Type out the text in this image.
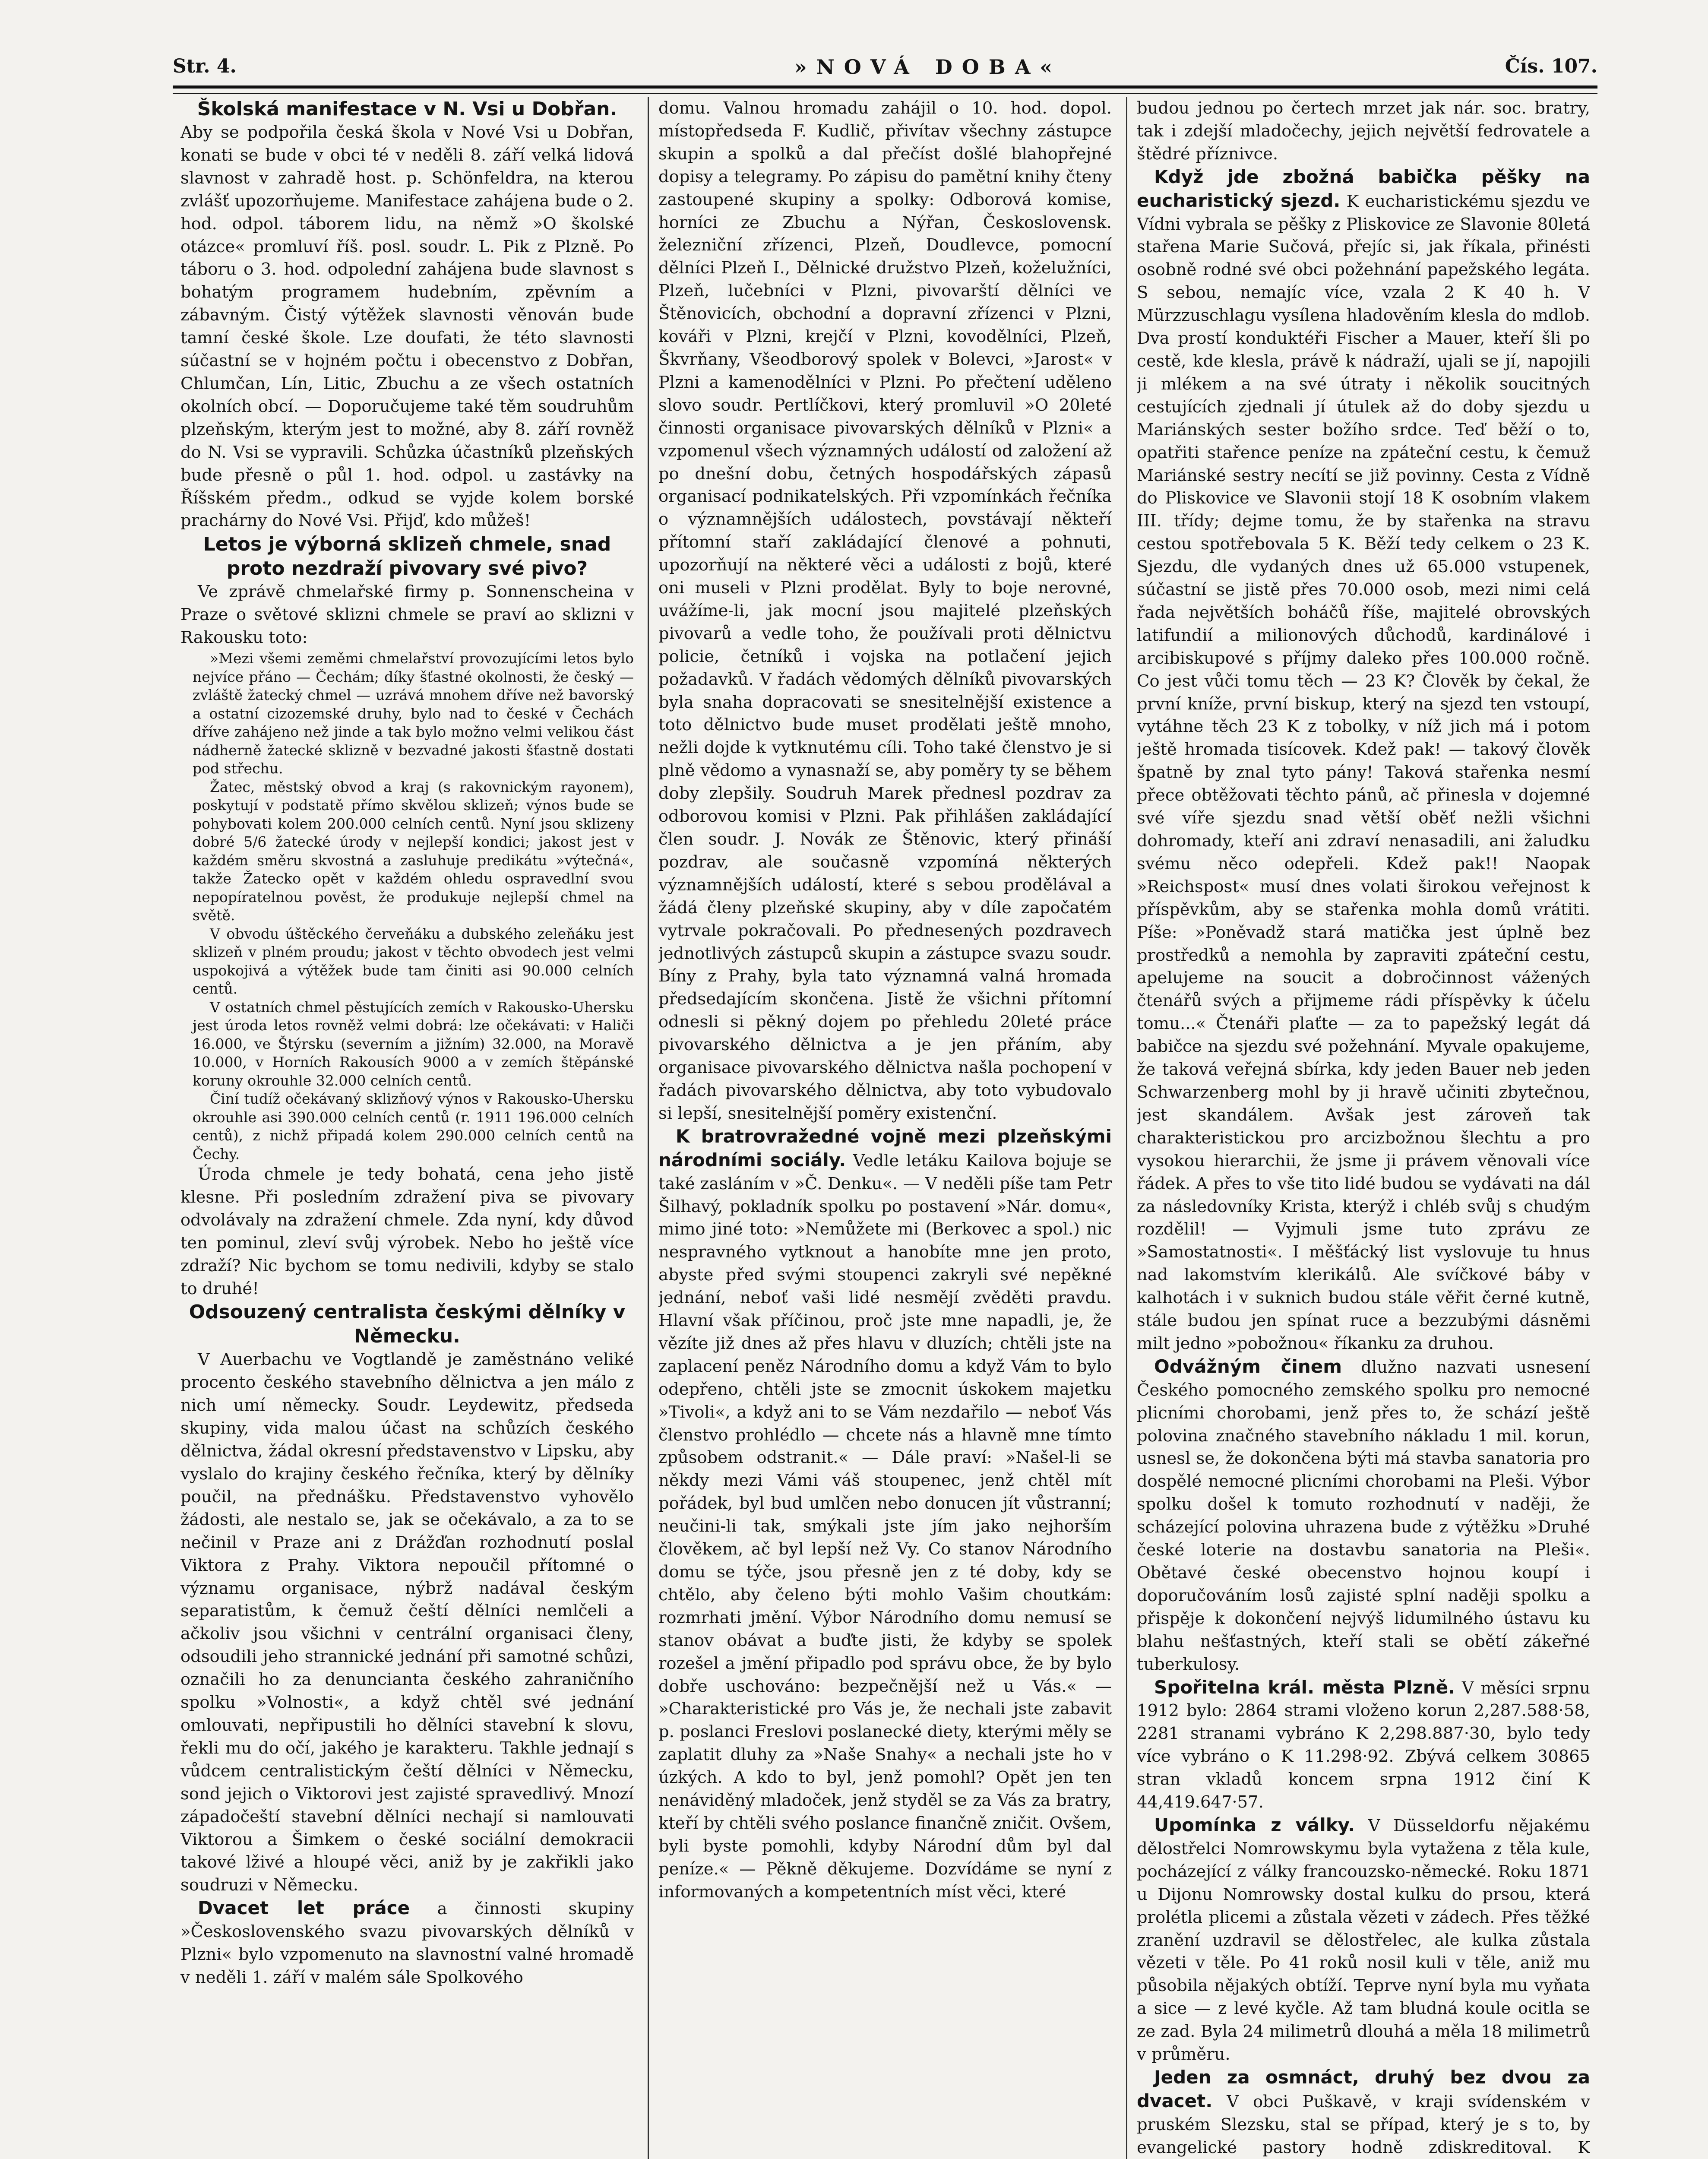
Str. 4.	»NOVÁ DOBA«	Čís. 107.
Školská manifestace v N. Vsi u Dobřan.

Aby se podpořila česká škola v Nové Vsi u Dobřan, konati se bude v obci té v neděli 8. září velká lidová slavnost v zahradě host. p. Schönfeldra, na kterou zvlášť upozorňujeme. Manifestace zahájena bude o 2. hod. odpol. táborem lidu, na němž »O školské otázce« promluví říš. posl. soudr. L. Pik z Plzně. Po táboru o 3. hod. odpolední zahájena bude slavnost s bohatým programem hudebním, zpěvním a zábavným. Čistý výtěžek slavnosti věnován bude tamní české škole. Lze doufati, že této slavnosti súčastní se v hojném počtu i obecenstvo z Dobřan, Chlumčan, Lín, Litic, Zbuchu a ze všech ostatních okolních obcí. — Doporučujeme také těm soudruhům plzeňským, kterým jest to možné, aby 8. září rovněž do N. Vsi se vypravili. Schůzka účastníků plzeňských bude přesně o půl 1. hod. odpol. u zastávky na Říšském předm., odkud se vyjde kolem borské prachárny do Nové Vsi. Přijď, kdo můžeš!

Letos je výborná sklizeň chmele, snad proto nezdraží pivovary své pivo?

Ve zprávě chmelařské firmy p. Sonnenscheina v Praze o světové sklizni chmele se praví ao sklizni v Rakousku toto:

»Mezi všemi zeměmi chmelařství provozujícími letos bylo nejvíce přáno — Čechám; díky šťastné okolnosti, že český — zvláště žatecký chmel — uzrává mnohem dříve než bavorský a ostatní cizozemské druhy, bylo nad to české v Čechách dříve zahájeno než jinde a tak bylo možno velmi velikou část nádherně žatecké sklizně v bezvadné jakosti šťastně dostati pod střechu.

Žatec, městský obvod a kraj (s rakovnickým rayonem), poskytují v podstatě přímo skvělou sklizeň; výnos bude se pohybovati kolem 200.000 celních centů. Nyní jsou sklizeny dobré 5/6 žatecké úrody v nejlepší kondici; jakost jest v každém směru skvostná a zasluhuje predikátu »výtečná«, takže Žatecko opět v každém ohledu ospravedlní svou nepopíratelnou pověst, že produkuje nejlepší chmel na světě.

V obvodu úštěckého červeňáku a dubského zeleňáku jest sklizeň v plném proudu; jakost v těchto obvodech jest velmi uspokojivá a výtěžek bude tam činiti asi 90.000 celních centů.

V ostatních chmel pěstujících zemích v Rakousko-Uhersku jest úroda letos rovněž velmi dobrá: lze očekávati: v Haliči 16.000, ve Štýrsku (severním a jižním) 32.000, na Moravě 10.000, v Horních Rakousích 9000 a v zemích štěpánské koruny okrouhle 32.000 celních centů.

Činí tudíž očekávaný sklizňový výnos v Rakousko-Uhersku okrouhle asi 390.000 celních centů (r. 1911 196.000 celních centů), z nichž připadá kolem 290.000 celních centů na Čechy.

Úroda chmele je tedy bohatá, cena jeho jistě klesne. Při posledním zdražení piva se pivovary odvolávaly na zdražení chmele. Zda nyní, kdy důvod ten pominul, zleví svůj výrobek. Nebo ho ještě více zdraží? Nic bychom se tomu nedivili, kdyby se stalo to druhé!

Odsouzený centralista českými dělníky v Německu.

V Auerbachu ve Vogtlandě je zaměstnáno veliké procento českého stavebního dělnictva a jen málo z nich umí německy. Soudr. Leydewitz, předseda skupiny, vida malou účast na schůzích českého dělnictva, žádal okresní představenstvo v Lipsku, aby vyslalo do krajiny českého řečníka, který by dělníky poučil, na přednášku. Představenstvo vyhovělo žádosti, ale nestalo se, jak se očekávalo, a za to se nečinil v Praze ani z Drážďan rozhodnutí poslal Viktora z Prahy. Viktora nepoučil přítomné o významu organisace, nýbrž nadával českým separatistům, k čemuž čeští dělníci nemlčeli a ačkoliv jsou všichni v centrální organisaci členy, odsoudili jeho strannické jednání při samotné schůzi, označili ho za denuncianta českého zahraničního spolku »Volnosti«, a když chtěl své jednání omlouvati, nepřipustili ho dělníci stavební k slovu, řekli mu do očí, jakého je karakteru. Takhle jednají s vůdcem centralistickým čeští dělníci v Německu, sond jejich o Viktorovi jest zajisté spravedlivý. Mnozí západočeští stavební dělníci nechají si namlouvati Viktorou a Šimkem o české sociální demokracii takové lživé a hloupé věci, aniž by je zakřikli jako soudruzi v Německu.

Dvacet let práce a činnosti skupiny »Československého svazu pivovarských dělníků v Plzni« bylo vzpomenuto na slavnostní valné hromadě v neděli 1. září v malém sále Spolkového

domu. Valnou hromadu zahájil o 10. hod. dopol. místopředseda F. Kudlič, přivítav všechny zástupce skupin a spolků a dal přečíst došlé blahopřejné dopisy a telegramy. Po zápisu do pamětní knihy čteny zastoupené skupiny a spolky: Odborová komise, horníci ze Zbuchu a Nýřan, Československ. železniční zřízenci, Plzeň, Doudlevce, pomocní dělníci Plzeň I., Dělnické družstvo Plzeň, koželužníci, Plzeň, lučebníci v Plzni, pivovarští dělníci ve Štěnovicích, obchodní a dopravní zřízenci v Plzni, kováři v Plzni, krejčí v Plzni, kovodělníci, Plzeň, Škvrňany, Všeodborový spolek v Bolevci, »Jarost« v Plzni a kamenodělníci v Plzni. Po přečtení uděleno slovo soudr. Pertlíčkovi, který promluvil »O 20leté činnosti organisace pivovarských dělníků v Plzni« a vzpomenul všech významných událostí od založení až po dnešní dobu, četných hospodářských zápasů organisací podnikatelských. Při vzpomínkách řečníka o významnějších událostech, povstávají někteří přítomní staří zakládající členové a pohnuti, upozorňují na některé věci a události z bojů, které oni museli v Plzni prodělat. Byly to boje nerovné, uvážíme-li, jak mocní jsou majitelé plzeňských pivovarů a vedle toho, že používali proti dělnictvu policie, četníků i vojska na potlačení jejich požadavků. V řadách vědomých dělníků pivovarských byla snaha dopracovati se snesitelnější existence a toto dělnictvo bude muset prodělati ještě mnoho, nežli dojde k vytknutému cíli. Toho také členstvo je si plně vědomo a vynasnaží se, aby poměry ty se během doby zlepšily. Soudruh Marek přednesl pozdrav za odborovou komisi v Plzni. Pak přihlášen zakládající člen soudr. J. Novák ze Štěnovic, který přináší pozdrav, ale současně vzpomíná některých významnějších událostí, které s sebou prodělával a žádá členy plzeňské skupiny, aby v díle započatém vytrvale pokračovali. Po přednesených pozdravech jednotlivých zástupců skupin a zástupce svazu soudr. Bíny z Prahy, byla tato významná valná hromada předsedajícím skončena. Jistě že všichni přítomní odnesli si pěkný dojem po přehledu 20leté práce pivovarského dělnictva a je jen přáním, aby organisace pivovarského dělnictva našla pochopení v řadách pivovarského dělnictva, aby toto vybudovalo si lepší, snesitelnější poměry existenční.

K bratrovražedné vojně mezi plzeňskými národními sociály. Vedle letáku Kailova bojuje se také zasláním v »Č. Denku«. — V neděli píše tam Petr Šilhavý, pokladník spolku po postavení »Nár. domu«, mimo jiné toto: »Nemůžete mi (Berkovec a spol.) nic nespravného vytknout a hanobíte mne jen proto, abyste před svými stoupenci zakryli své nepěkné jednání, neboť vaši lidé nesmějí zvěděti pravdu. Hlavní však příčinou, proč jste mne napadli, je, že vězíte již dnes až přes hlavu v dluzích; chtěli jste na zaplacení peněz Národního domu a když Vám to bylo odepřeno, chtěli jste se zmocnit úskokem majetku »Tivoli«, a když ani to se Vám nezdařilo — neboť Vás členstvo prohlédlo — chcete nás a hlavně mne tímto způsobem odstranit.« — Dále praví: »Našel-li se někdy mezi Vámi váš stoupenec, jenž chtěl mít pořádek, byl bud umlčen nebo donucen jít vůstranní; neučini-li tak, smýkali jste jím jako nejhorším člověkem, ač byl lepší než Vy. Co stanov Národního domu se týče, jsou přesně jen z té doby, kdy se chtělo, aby čelenо býti mohlo Vašim choutkám: rozmrhati jmění. Výbor Národního domu nemusí se stanov obávat a buďte jisti, že kdyby se spolek rozešel a jmění připadlo pod správu obce, že by bylo dobře uschováno: bezpečnější než u Vás.« — »Charakteristické pro Vás je, že nechali jste zabavit p. poslanci Freslovi poslanecké diety, kterými měly se zaplatit dluhy za »Naše Snahy« a nechali jste ho v úzkých. A kdo to byl, jenž pomohl? Opět jen ten nenáviděný mladoček, jenž styděl se za Vás za bratry, kteří by chtěli svého poslance finančně zničit. Ovšem, byli byste pomohli, kdyby Národní dům byl dal peníze.« — Pěkně děkujeme. Dozvídáme se nyní z informovaných a kompetentních míst věci, které

budou jednou po čertech mrzet jak nár. soc. bratry, tak i zdejší mladočechy, jejich největší fedrovatele a štědré příznivce.

Když jde zbožná babička pěšky na eucharistický sjezd. K eucharistickému sjezdu ve Vídni vybrala se pěšky z Pliskovice ze Slavonie 80letá stařena Marie Sučová, přejíc si, jak říkala, přinésti osobně rodné své obci požehnání papežského legáta. S sebou, nemajíc více, vzala 2 K 40 h. V Mürzzuschlagu vysílena hladověním klesla do mdlob. Dva prostí konduktéři Fischer a Mauer, kteří šli po cestě, kde klesla, právě k nádraží, ujali se jí, napojili ji mlékem a na své útraty i několik soucitných cestujících zjednali jí útulek až do doby sjezdu u Mariánských sester božího srdce. Teď běží o to, opatřiti stařence peníze na zpáteční cestu, k čemuž Mariánské sestry necítí se již povinny. Cesta z Vídně do Pliskovice ve Slavonii stojí 18 K osobním vlakem III. třídy; dejme tomu, že by stařenka na stravu cestou spotřebovala 5 K. Běží tedy celkem o 23 K. Sjezdu, dle vydaných dnes už 65.000 vstupenek, súčastní se jistě přes 70.000 osob, mezi nimi celá řada největších boháčů říše, majitelé obrovských latifundií a milionových důchodů, kardinálové i arcibiskupové s příjmy daleko přes 100.000 ročně. Co jest vůči tomu těch — 23 K? Člověk by čekal, že první kníže, první biskup, který na sjezd ten vstoupí, vytáhne těch 23 K z tobolky, v níž jich má i potom ještě hromada tisícovek. Kdež pak! — takový člověk špatně by znal tyto pány! Taková stařenka nesmí přece obtěžovati těchto pánů, ač přinesla v dojemné své víře sjezdu snad větší oběť nežli všichni dohromady, kteří ani zdraví nenasadili, ani žaludku svému něco odepřeli. Kdež pak!! Naopak »Reichspost« musí dnes volati širokou veřejnost k příspěvkům, aby se stařenka mohla domů vrátiti. Píše: »Poněvadž stará matička jest úplně bez prostředků a nemohla by zapraviti zpáteční cestu, apelujeme na soucit a dobročinnost vážených čtenářů svých a přijmeme rádi příspěvky k účelu tomu...« Čtenáři plaťte — za to papežský legát dá babičce na sjezdu své požehnání. Myvale opakujeme, že taková veřejná sbírka, kdy jeden Bauer neb jeden Schwarzenberg mohl by ji hravě učiniti zbytečnou, jest skandálem. Avšak jest zároveň tak charakteristickou pro arcizbožnou šlechtu a pro vysokou hierarchii, že jsme ji právem věnovali více řádek. A přes to vše tito lidé budou se vydávati na dál za následovníky Krista, kterýž i chléb svůj s chudým rozdělil! — Vyjmuli jsme tuto zprávu ze »Samostatnosti«. I měšťácký list vyslovuje tu hnus nad lakomstvím klerikálů. Ale svíčkové báby v kalhotách i v suknich budou stále věřit černé kutně, stále budou jen spínat ruce a bezzubými dásněmi milt jedno »pobožnou« říkanku za druhou.

Odvážným činem dlužno nazvati usnesení Českého pomocného zemského spolku pro nemocné plicními chorobami, jenž přes to, že schází ještě polovina značného stavebního nákladu 1 mil. korun, usnesl se, že dokončena býti má stavba sanatoria pro dospělé nemocné plicními chorobami na Pleši. Výbor spolku došel k tomuto rozhodnutí v naději, že scházející polovina uhrazena bude z výtěžku »Druhé české loterie na dostavbu sanatoria na Pleši«. Obětavé české obecenstvo hojnou koupí i doporučováním losů zajisté splní naději spolku a přispěje k dokončení nejvýš lidumilného ústavu ku blahu nešťastných, kteří stali se obětí zákeřné tuberkulosy.

Spořitelna král. města Plzně. V měsíci srpnu 1912 bylo: 2864 strami vloženo korun 2,287.588·58, 2281 stranami vybráno K 2,298.887·30, bylo tedy více vybráno o K 11.298·92. Zbývá celkem 30865 stran vkladů koncem srpna 1912 činí K 44,419.647·57.

Upomínka z války. V Düsseldorfu nějakému dělostřelci Nomrowskymu byla vytažena z těla kule, pocházející z války francouzsko-německé. Roku 1871 u Dijonu Nomrowsky dostal kulku do prsou, která prolétla plicemi a zůstala vězeti v zádech. Přes těžké zranění uzdravil se dělostřelec, ale kulka zůstala vězeti v těle. Po 41 roků nosil kuli v těle, aniž mu působila nějakých obtíží. Teprve nyní byla mu vyňata a sice — z levé kyčle. Až tam bludná koule ocitla se ze zad. Byla 24 milimetrů dlouhá a měla 18 milimetrů v průměru.

Jeden za osmnáct, druhý bez dvou za dvacet. V obci Puškavě, v kraji svídenském v pruském Slezsku, stal se případ, který je s to, by evangelické pastory hodně zdiskreditoval. K
